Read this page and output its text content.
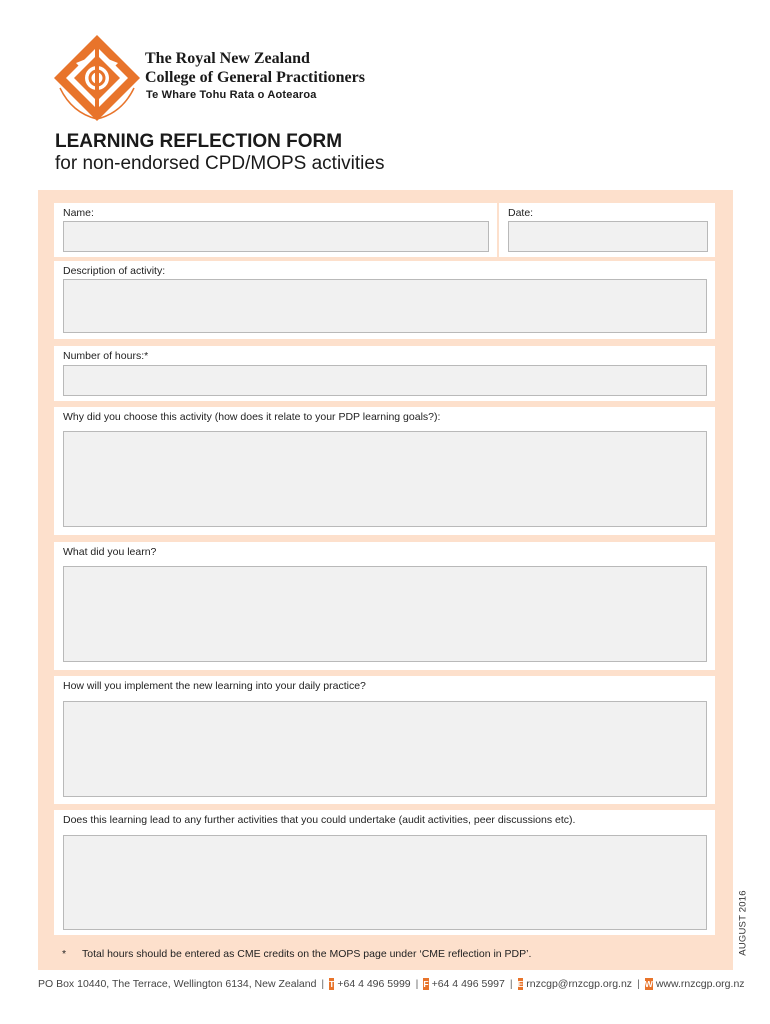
The Royal New Zealand
College of General Practitioners
Te Whare Tohu Rata o Aotearoa
LEARNING REFLECTION FORM
for non-endorsed CPD/MOPS activities
Name:	Date:
Description of activity:
Number of hours:*
Why did you choose this activity (how does it relate to your PDP learning goals?):
What did you learn?
How will you implement the new learning into your daily practice?
Does this learning lead to any further activities that you could undertake (audit activities, peer discussions etc).
* Total hours should be entered as CME credits on the MOPS page under ‘CME reflection in PDP’.	AUGUST 2016
PO Box 10440, The Terrace, Wellington 6134, New Zealand | T +64 4 496 5999 | F +64 4 496 5997 | E rnzcgp@rnzcgp.org.nz | W www.rnzcgp.org.nz
